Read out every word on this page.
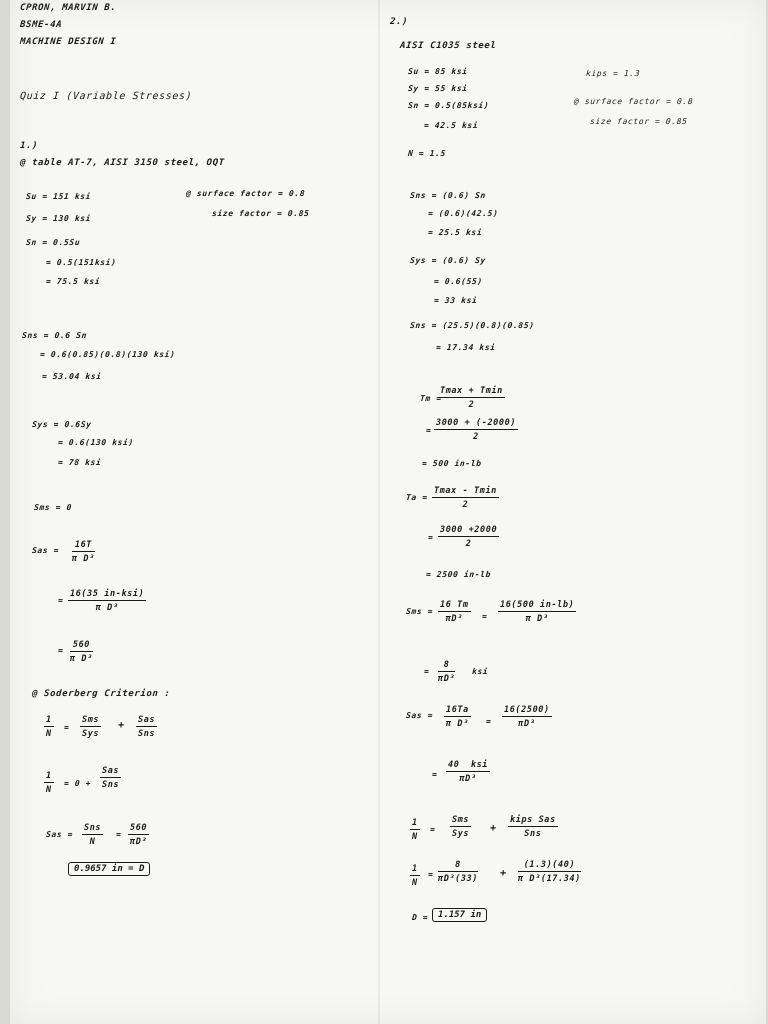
CPRON, MARVIN B.
BSME-4A
MACHINE DESIGN I
Quiz I (Variable Stresses)
1.)
@ table AT-7, AISI 3150 steel, OQT
Su = 151 ksi
Sy = 130 ksi
@ surface factor = 0.8
size factor = 0.85
Sn = 0.5Su
= 0.5(151ksi)
= 75.5 ksi
Sns = 0.6 Sn
= 0.6(0.85)(0.8)(130 ksi)
= 53.04 ksi
Sys = 0.6Sy
= 0.6(130 ksi)
= 78 ksi
Sms = 0
Sas = $\frac{16T}{\text{π D³}}$
=
16(35 in-ksi)
π D³
= $\frac{560}{\text{π D³}}$
@ Soderberg Criterion :
$\frac{1}{N}$ =
Sms
Sys
+ Sas
Sns
$\frac{1}{N} = 0$ +
Sas
Sns
Sas =
Sns
N
= $\frac{560}{\text{πD³}}$
0.9657 in = D
2.)
AISI C1035 steel
Su = 85 ksi
Sy = 55 ksi
kips = 1.3
Sn = 0.5(85ksi)
= 42.5 ksi
@ surface factor = 0.8
size factor = 0.85
N = 1.5
Sns = (0.6) Sn
= (0.6)(42.5)
= 25.5 ksi
Sys = (0.6) Sy
= 0.6(55)
= 33 ksi
Sns = (25.5)(0.8)(0.85)
= 17.34 ksi
Tm =
Tmax + Tmin
2
= $\frac{3000 + (-2000)}{2}$
= 500 in-lb
Ta =
Tmax - Tmin
2
= $\frac{3000 +2000}{2}$
= 2500 in-lb
Sms = $\frac{16 Tm}{\text{πD³}} = \frac{16(500 in-lb)}{\text{π D³}}$
= $\frac{8}{\text{πD³}}$ ksi
Sas = $\frac{16Ta}{\text{π D³}} = \frac{16(2500)}{\text{πD³}}$
=
40  ksi
πD³
$\frac{1}{N}$ =
Sms
Sys +
kips Sas
Sns
$\frac{1}{N} = \frac{8}{\text{πD³(33)}} + \frac{(1.3)(40)}{\text{π D³(17.34)}}$
D =	1.157 in
